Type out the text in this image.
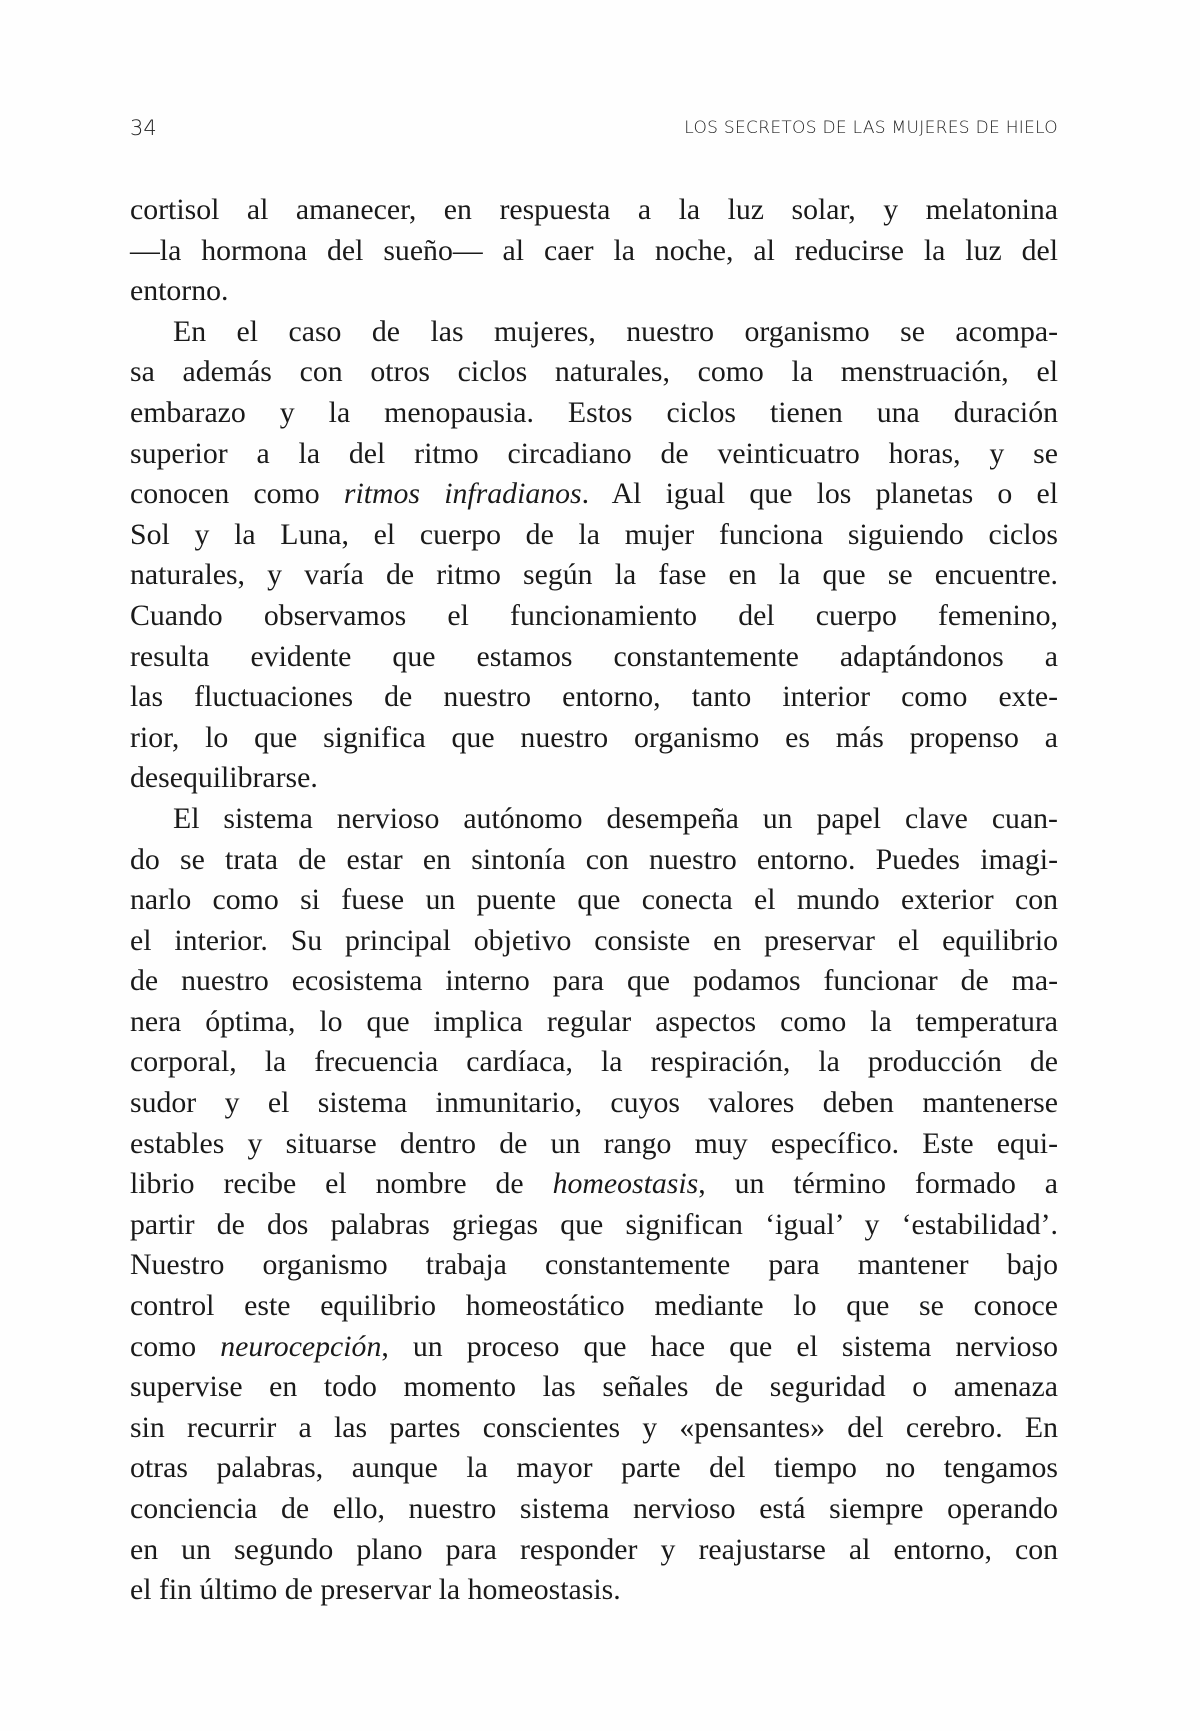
34	LOS SECRETOS DE LAS MUJERES DE HIELO
cortisol al amanecer, en respuesta a la luz solar, y melatonina
—la hormona del sueño— al caer la noche, al reducirse la luz del
entorno.
En el caso de las mujeres, nuestro organismo se acompa-
sa además con otros ciclos naturales, como la menstruación, el
embarazo y la menopausia. Estos ciclos tienen una duración
superior a la del ritmo circadiano de veinticuatro horas, y se
conocen como ritmos infradianos. Al igual que los planetas o el
Sol y la Luna, el cuerpo de la mujer funciona siguiendo ciclos
naturales, y varía de ritmo según la fase en la que se encuentre.
Cuando observamos el funcionamiento del cuerpo femenino,
resulta evidente que estamos constantemente adaptándonos a
las fluctuaciones de nuestro entorno, tanto interior como exte-
rior, lo que significa que nuestro organismo es más propenso a
desequilibrarse.
El sistema nervioso autónomo desempeña un papel clave cuan-
do se trata de estar en sintonía con nuestro entorno. Puedes imagi-
narlo como si fuese un puente que conecta el mundo exterior con
el interior. Su principal objetivo consiste en preservar el equilibrio
de nuestro ecosistema interno para que podamos funcionar de ma-
nera óptima, lo que implica regular aspectos como la temperatura
corporal, la frecuencia cardíaca, la respiración, la producción de
sudor y el sistema inmunitario, cuyos valores deben mantenerse
estables y situarse dentro de un rango muy específico. Este equi-
librio recibe el nombre de homeostasis, un término formado a
partir de dos palabras griegas que significan ‘igual’ y ‘estabilidad’.
Nuestro organismo trabaja constantemente para mantener bajo
control este equilibrio homeostático mediante lo que se conoce
como neurocepción, un proceso que hace que el sistema nervioso
supervise en todo momento las señales de seguridad o amenaza
sin recurrir a las partes conscientes y «pensantes» del cerebro. En
otras palabras, aunque la mayor parte del tiempo no tengamos
conciencia de ello, nuestro sistema nervioso está siempre operando
en un segundo plano para responder y reajustarse al entorno, con
el fin último de preservar la homeostasis.
